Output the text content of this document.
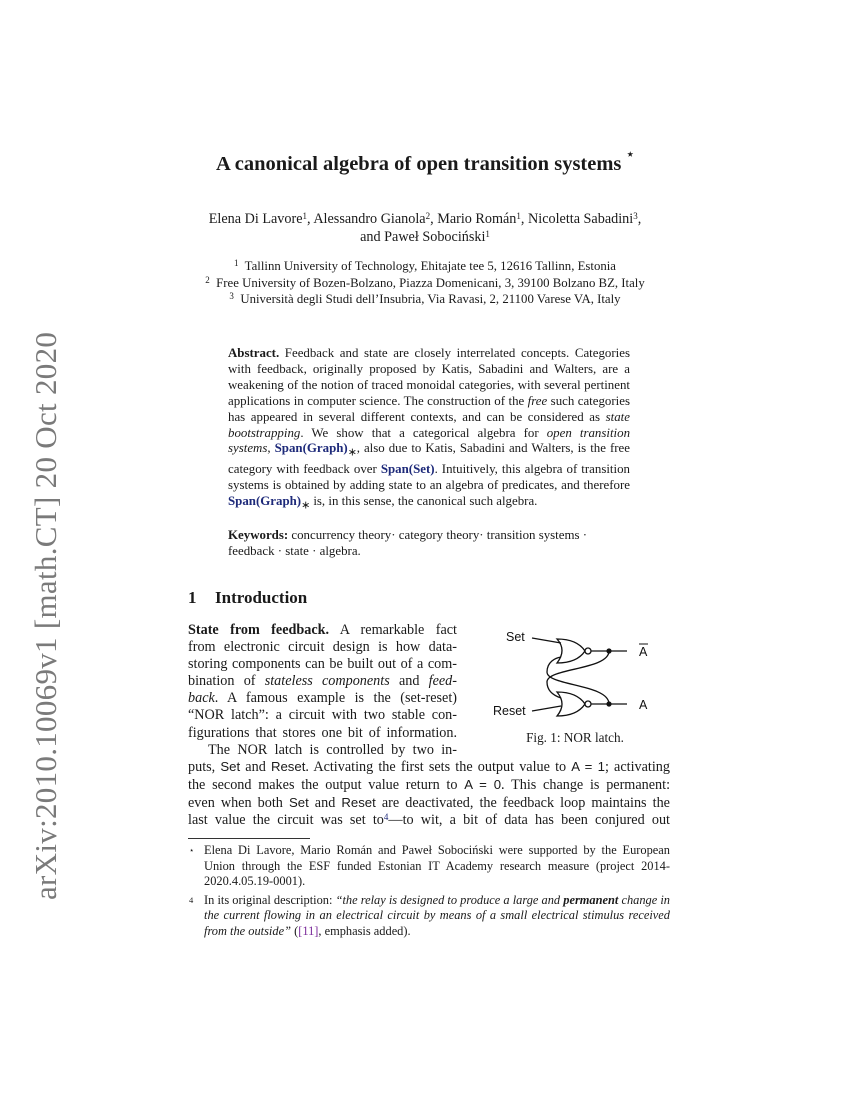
arXiv:2010.10069v1 [math.CT] 20 Oct 2020
A canonical algebra of open transition systems ⋆
Elena Di Lavore$^1$, Alessandro Gianola$^2$, Mario Román$^1$, Nicoletta Sabadini$^3$,
and Paweł Sobociński$^1$
$^1$ Tallinn University of Technology, Ehitajate tee 5, 12616 Tallinn, Estonia
$^2$ Free University of Bozen-Bolzano, Piazza Domenicani, 3, 39100 Bolzano BZ, Italy
$^3$ Università degli Studi dell’Insubria, Via Ravasi, 2, 21100 Varese VA, Italy
Abstract. Feedback and state are closely interrelated concepts. Categories with feedback, originally proposed by Katis, Sabadini and Walters, are a weakening of the notion of traced monoidal categories, with several pertinent applications in computer science. The construction of the free such categories has appeared in several different contexts, and can be considered as state bootstrapping. We show that a categorical algebra for open transition systems, $Span(Graph)_∗$, also due to Katis, Sabadini and Walters, is the free category with feedback over Span(Set). Intuitively, this algebra of transition systems is obtained by adding state to an algebra of predicates, and therefore $Span(Graph)_∗$ is, in this sense, the canonical such algebra.
Keywords: concurrency theory· category theory· transition systems · feedback · state · algebra.
1 Introduction
State from feedback. A remarkable fact
from electronic circuit design is how data-
storing components can be built out of a com-
bination of stateless components and feed-
back. A famous example is the (set-reset)
“NOR latch”: a circuit with two stable con-
figurations that stores one bit of information.
The NOR latch is controlled by two in-
puts, Set and Reset. Activating the first sets the output value to A = 1; activating
the second makes the output value return to A = 0. This change is permanent:
even when both Set and Reset are deactivated, the feedback loop maintains the
last value the circuit was set $to^4—to$ wit, a bit of data has been conjured out
Set
Reset
A
A
Fig. 1: NOR latch.
⋆ Elena Di Lavore, Mario Román and Paweł Sobociński were supported by the European Union through the ESF funded Estonian IT Academy research measure (project 2014-2020.4.05.19-0001).
4 In its original description: “the relay is designed to produce a large and permanent change in the current flowing in an electrical circuit by means of a small electrical stimulus received from the outside” ([11], emphasis added).
